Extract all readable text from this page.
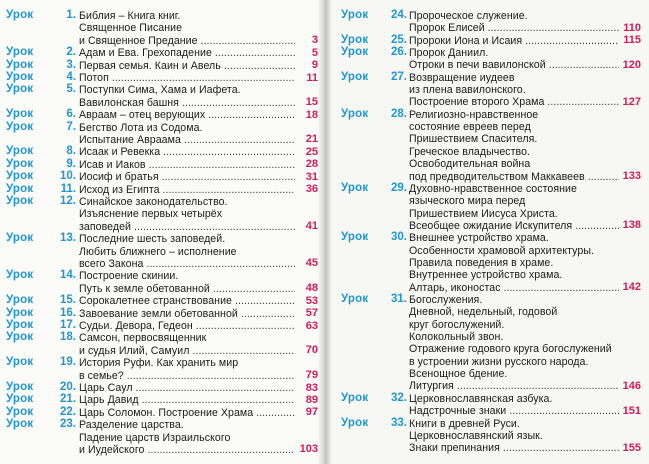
Урок	1. Библия – Книга книг.
Священное Писание
и Священное Предание .....	3
Урок	2. Адам и Ева. Грехопадение .....	5
Урок	3. Первая семья. Каин и Авель .....	9
Урок	4. Потоп .....	11
Урок	5. Поступки Сима, Хама и Иафета.
Вавилонская башня .....	15
Урок	6. Авраам – отец верующих .....	18
Урок	7. Бегство Лота из Содома.
Испытание Авраама .....	21
Урок	8. Исаак и Ревекка .....	25
Урок	9. Исав и Иаков .....	28
Урок	10. Иосиф и братья .....	31
Урок	11. Исход из Египта .....	36
Урок	12. Синайское законодательство.
Изъяснение первых четырёх
заповедей .....	41
Урок	13. Последние шесть заповедей.
Любить ближнего – исполнение
всего Закона .....	45
Урок	14. Построение скинии.
Путь к земле обетованной .....	48
Урок	15. Сорокалетнее странствование .....	53
Урок	16. Завоевание земли обетованной .....	57
Урок	17. Судьи. Девора, Гедеон .....	63
Урок	18. Самсон, первосвященник
и судья Илий, Самуил .....	70
Урок	19. История Руфи. Как хранить мир
в семье? .....	79
Урок	20. Царь Саул .....	83
Урок	21. Царь Давид .....	89
Урок	22. Царь Соломон. Построение Храма .....	97
Урок	23. Разделение царства.
Падение царств Израильского
и Иудейского .....	103
Урок	24. Пророческое служение.
Пророк Елисей .....	110
Урок	25. Пророки Иона и Исаия .....	115
Урок	26. Пророк Даниил.
Отроки в печи вавилонской .....	120
Урок	27. Возвращение иудеев
из плена вавилонского.
Построение второго Храма .....	127
Урок	28. Религиозно-нравственное
состояние евреев перед
Пришествием Спасителя.
Греческое владычество.
Освободительная война
под предводительством Маккавеев .....	133
Урок	29. Духовно-нравственное состояние
языческого мира перед
Пришествием Иисуса Христа.
Всеобщее ожидание Искупителя .....	138
Урок	30. Внешнее устройство храма.
Особенности храмовой архитектуры.
Правила поведения в храме.
Внутреннее устройство храма.
Алтарь, иконостас .....	142
Урок	31. Богослужения.
Дневной, недельный, годовой
круг богослужений.
Колокольный звон.
Отражение годового круга богослужений
в устроении жизни русского народа.
Всенощное бдение.
Литургия .....	146
Урок	32. Церковнославянская азбука.
Надстрочные знаки .....	151
Урок	33. Книги в древней Руси.
Церковнославянский язык.
Знаки препинания .....	155
